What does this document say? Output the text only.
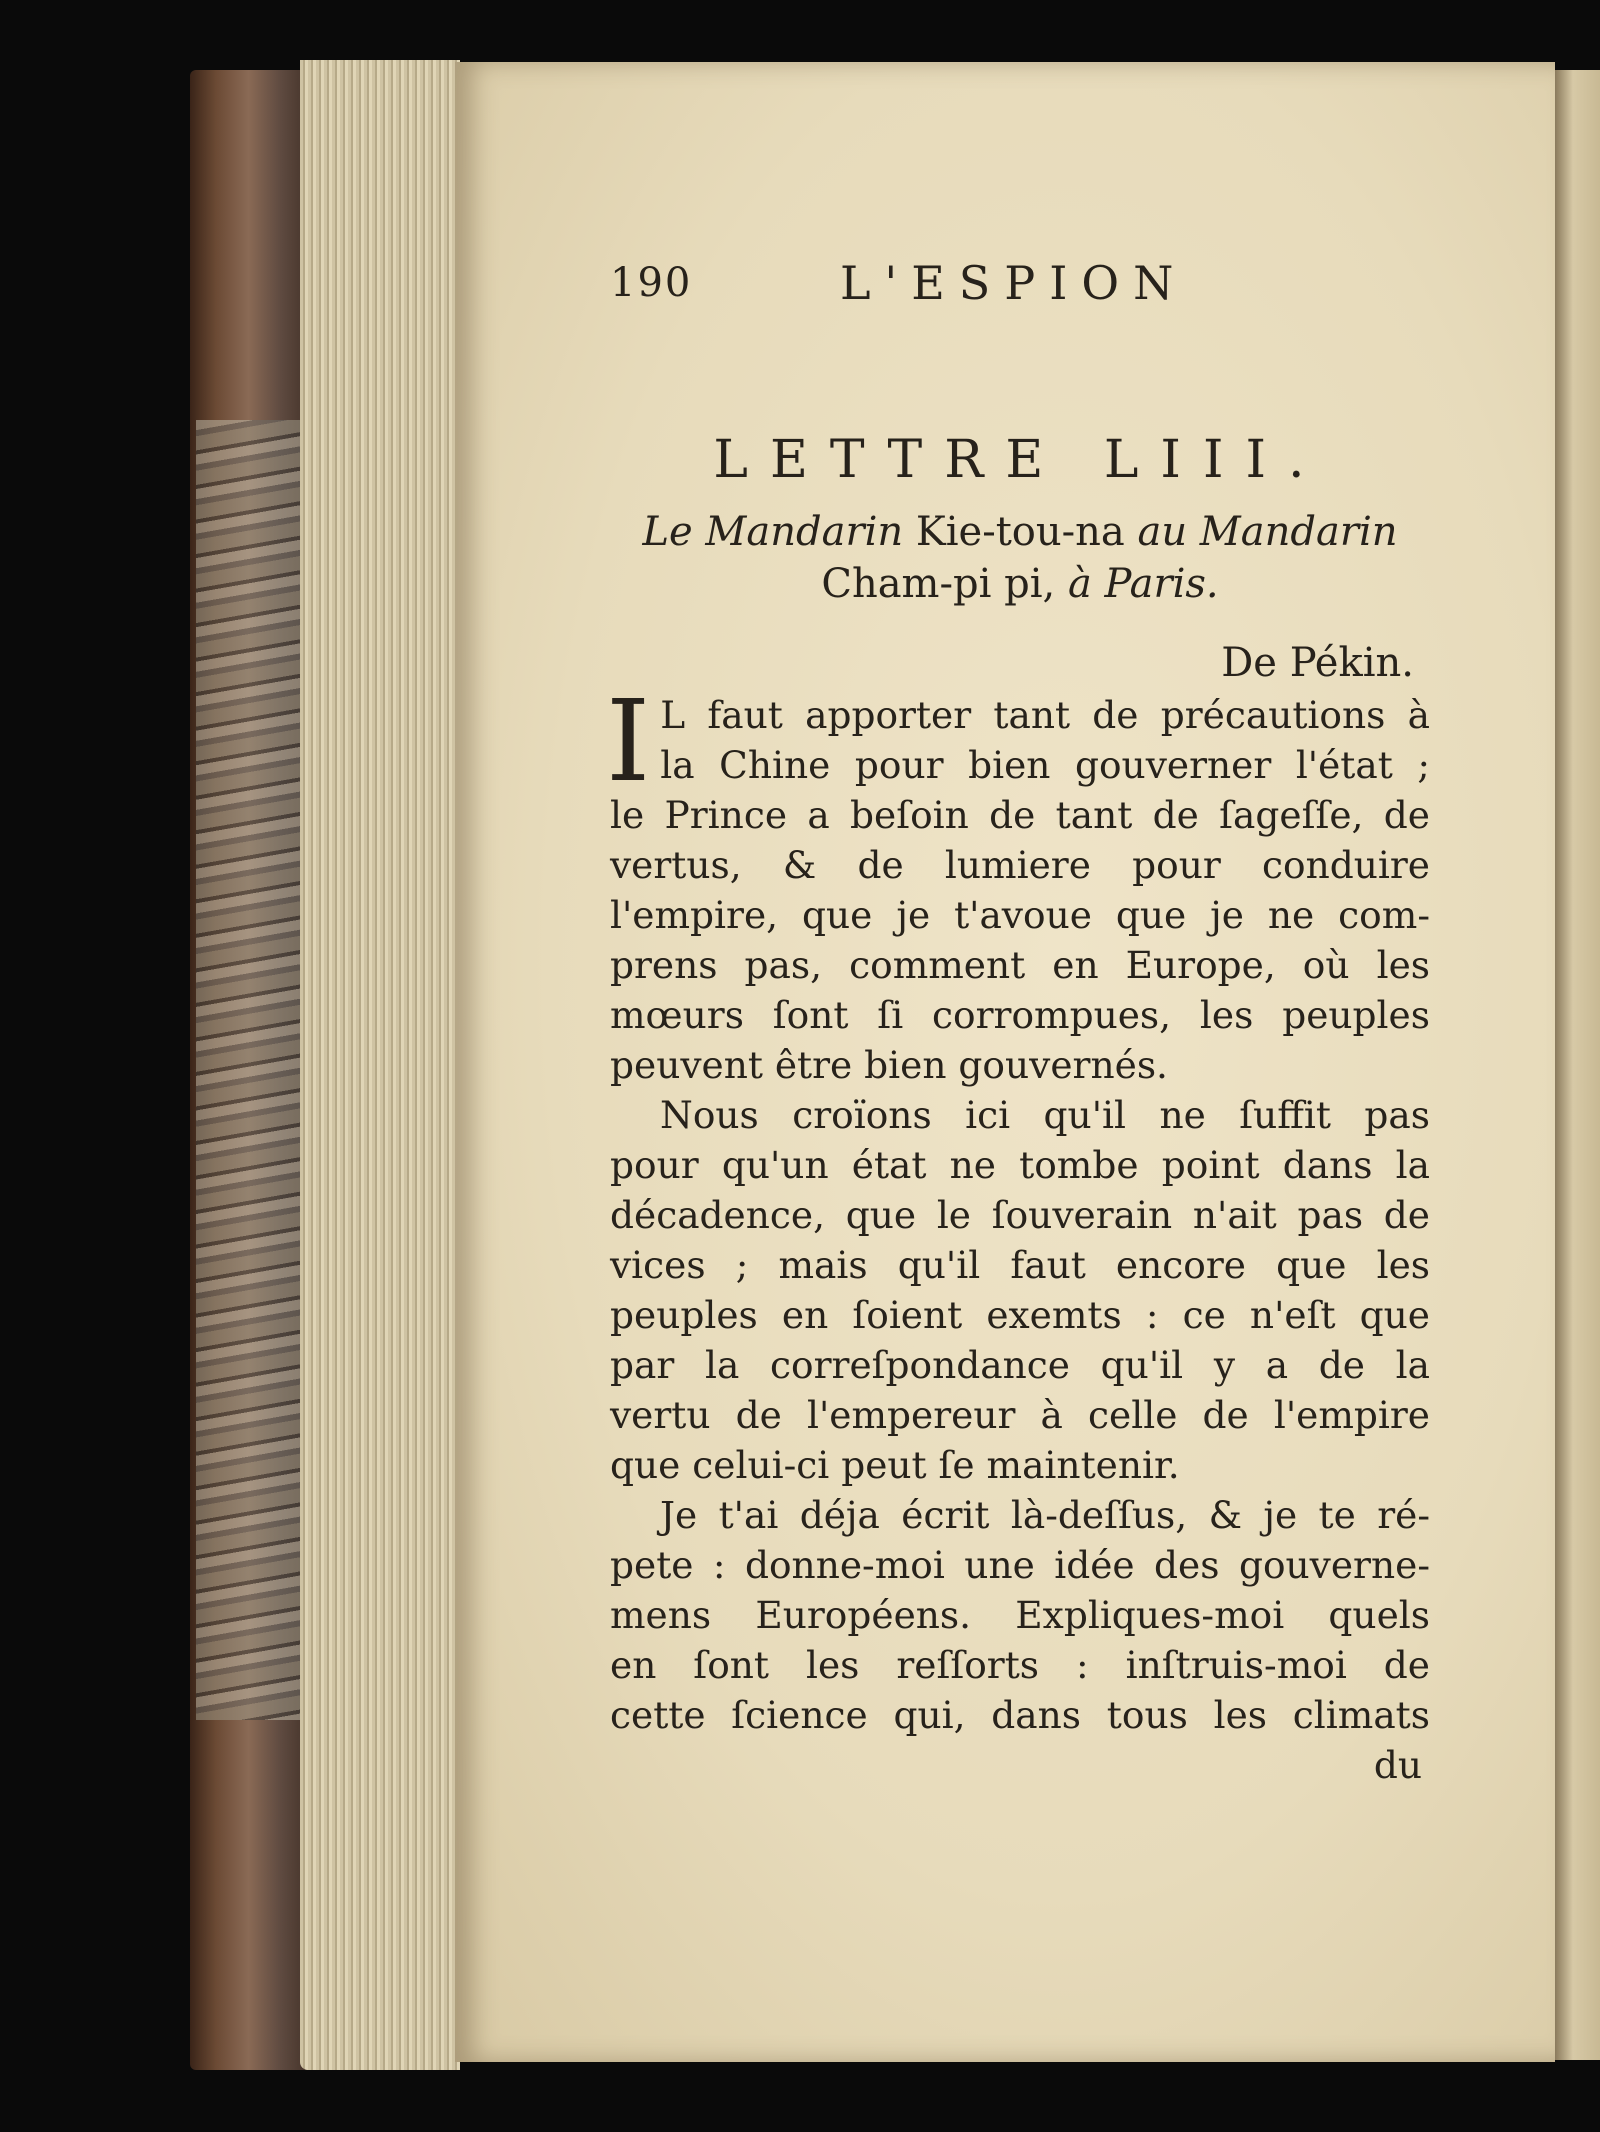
190	L'ESPION
LETTRE LIII.
Le Mandarin Kie-tou-na au Mandarin
Cham-pi pi, à Paris.
De Pékin.
I L faut apporter tant de précautions à
la Chine pour bien gouverner l'état ;
le Prince a beſoin de tant de ſageſſe, de
vertus, & de lumiere pour conduire
l'empire, que je t'avoue que je ne com-
prens pas, comment en Europe, où les
mœurs ſont ſi corrompues, les peuples
peuvent être bien gouvernés.
Nous croïons ici qu'il ne ſuffit pas
pour qu'un état ne tombe point dans la
décadence, que le ſouverain n'ait pas de
vices ; mais qu'il faut encore que les
peuples en ſoient exemts : ce n'eſt que
par la correſpondance qu'il y a de la
vertu de l'empereur à celle de l'empire
que celui-ci peut ſe maintenir.
Je t'ai déja écrit là-deſſus, & je te ré-
pete : donne-moi une idée des gouverne-
mens Européens. Expliques-moi quels
en ſont les reſſorts : inſtruis-moi de
cette ſcience qui, dans tous les climats
du
